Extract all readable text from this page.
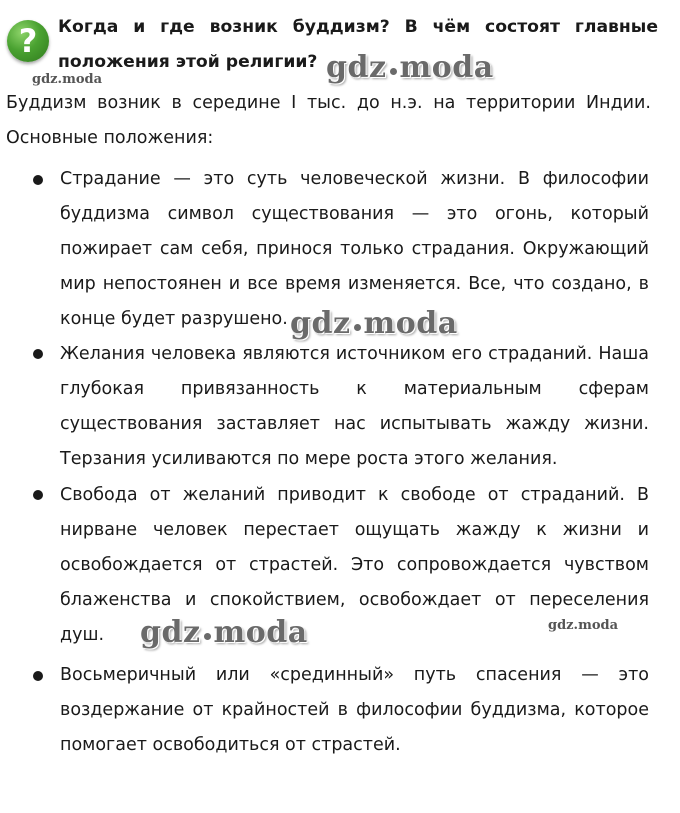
?	Когда и где возник буддизм? В чём состоят главные

положения этой религии?
gdz.moda	gdz moda
Буддизм возник в середине I тыс. до н.э. на территории Индии.
Основные положения:
Страдание — это суть человеческой жизни. В философии буддизма символ существования — это огонь, который пожирает сам себя, принося только страдания. Окружающий мир непостоянен и все время изменяется. Все, что создано, в конце будет разрушено. gdz moda
Желания человека являются источником его страданий. Наша глубокая привязанность к материальным сферам существования заставляет нас испытывать жажду жизни. Терзания усиливаются по мере роста этого желания.
Свобода от желаний приводит к свободе от страданий. В нирване человек перестает ощущать жажду к жизни и освобождается от страстей. Это сопровождается чувством блаженства и спокойствием, освобождает от переселения душ.	gdz moda	gdz.moda
Восьмеричный или «срединный» путь спасения — это воздержание от крайностей в философии буддизма, которое помогает освободиться от страстей.
